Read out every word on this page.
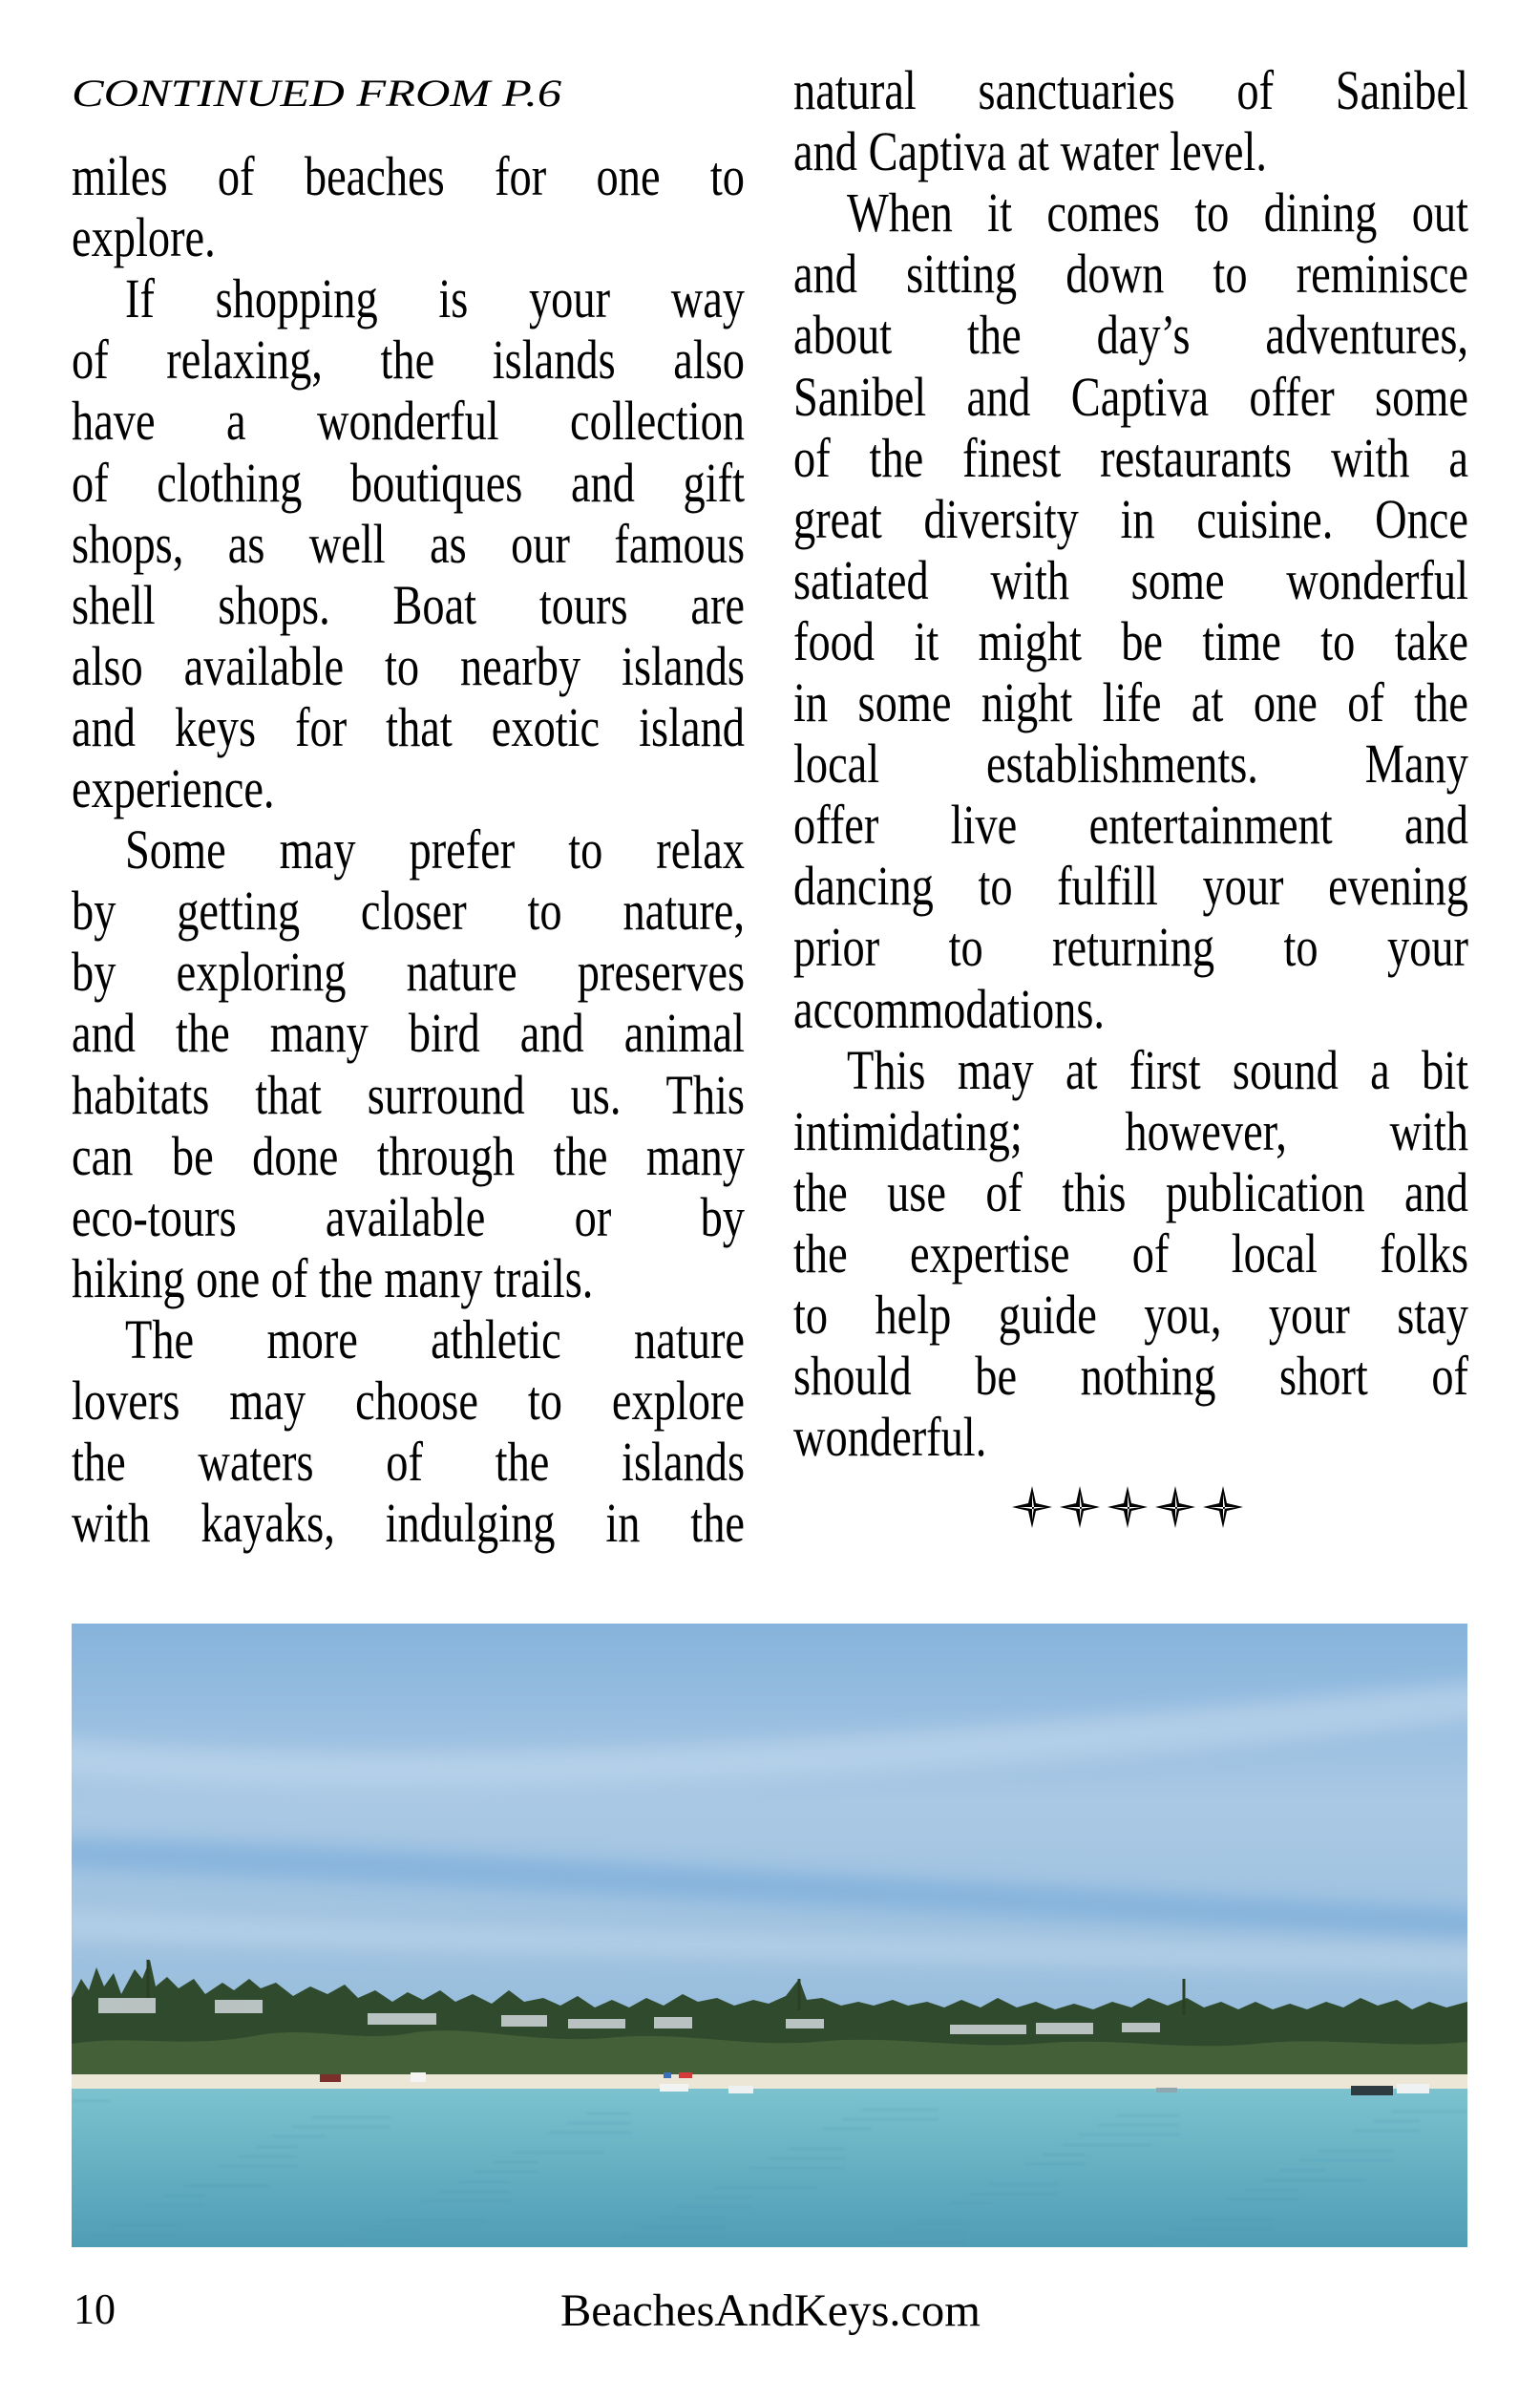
CONTINUED FROM P.6
miles of beaches for one to
explore.
If shopping is your way
of relaxing, the islands also
have a wonderful collection
of clothing boutiques and gift
shops, as well as our famous
shell shops. Boat tours are
also available to nearby islands
and keys for that exotic island
experience.
Some may prefer to relax
by getting closer to nature,
by exploring nature preserves
and the many bird and animal
habitats that surround us. This
can be done through the many
eco-tours available or by
hiking one of the many trails.
The more athletic nature
lovers may choose to explore
the waters of the islands
with kayaks, indulging in the
natural sanctuaries of Sanibel
and Captiva at water level.
When it comes to dining out
and sitting down to reminisce
about the day’s adventures,
Sanibel and Captiva offer some
of the finest restaurants with a
great diversity in cuisine. Once
satiated with some wonderful
food it might be time to take
in some night life at one of the
local establishments. Many
offer live entertainment and
dancing to fulfill your evening
prior to returning to your
accommodations.
This may at first sound a bit
intimidating; however, with
the use of this publication and
the expertise of local folks
to help guide you, your stay
should be nothing short of
wonderful.
10	BeachesAndKeys.com
